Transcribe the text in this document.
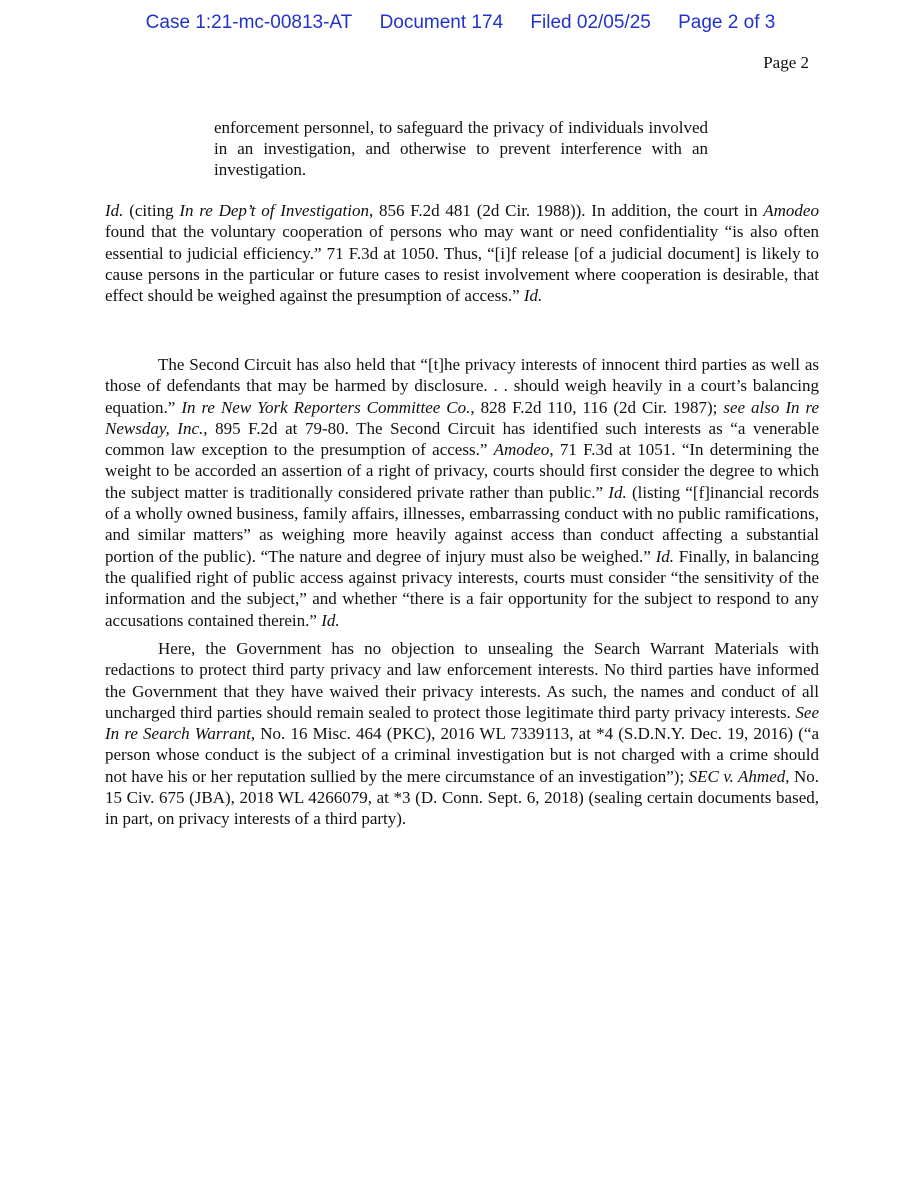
Case 1:21-mc-00813-AT Document 174 Filed 02/05/25 Page 2 of 3
Page 2
enforcement personnel, to safeguard the privacy of individuals involved in an investigation, and otherwise to prevent interference with an investigation.

Id. (citing In re Dep’t of Investigation, 856 F.2d 481 (2d Cir. 1988)). In addition, the court in Amodeo found that the voluntary cooperation of persons who may want or need confidentiality “is also often essential to judicial efficiency.” 71 F.3d at 1050. Thus, “[i]f release [of a judicial document] is likely to cause persons in the particular or future cases to resist involvement where cooperation is desirable, that effect should be weighed against the presumption of access.” Id.

The Second Circuit has also held that “[t]he privacy interests of innocent third parties as well as those of defendants that may be harmed by disclosure. . . should weigh heavily in a court’s balancing equation.” In re New York Reporters Committee Co., 828 F.2d 110, 116 (2d Cir. 1987); see also In re Newsday, Inc., 895 F.2d at 79-80. The Second Circuit has identified such interests as “a venerable common law exception to the presumption of access.” Amodeo, 71 F.3d at 1051. “In determining the weight to be accorded an assertion of a right of privacy, courts should first consider the degree to which the subject matter is traditionally considered private rather than public.” Id. (listing “[f]inancial records of a wholly owned business, family affairs, illnesses, embarrassing conduct with no public ramifications, and similar matters” as weighing more heavily against access than conduct affecting a substantial portion of the public). “The nature and degree of injury must also be weighed.” Id. Finally, in balancing the qualified right of public access against privacy interests, courts must consider “the sensitivity of the information and the subject,” and whether “there is a fair opportunity for the subject to respond to any accusations contained therein.” Id.

Here, the Government has no objection to unsealing the Search Warrant Materials with redactions to protect third party privacy and law enforcement interests. No third parties have informed the Government that they have waived their privacy interests. As such, the names and conduct of all uncharged third parties should remain sealed to protect those legitimate third party privacy interests. See In re Search Warrant, No. 16 Misc. 464 (PKC), 2016 WL 7339113, at *4 (S.D.N.Y. Dec. 19, 2016) (“a person whose conduct is the subject of a criminal investigation but is not charged with a crime should not have his or her reputation sullied by the mere circumstance of an investigation”); SEC v. Ahmed, No. 15 Civ. 675 (JBA), 2018 WL 4266079, at *3 (D. Conn. Sept. 6, 2018) (sealing certain documents based, in part, on privacy interests of a third party).
